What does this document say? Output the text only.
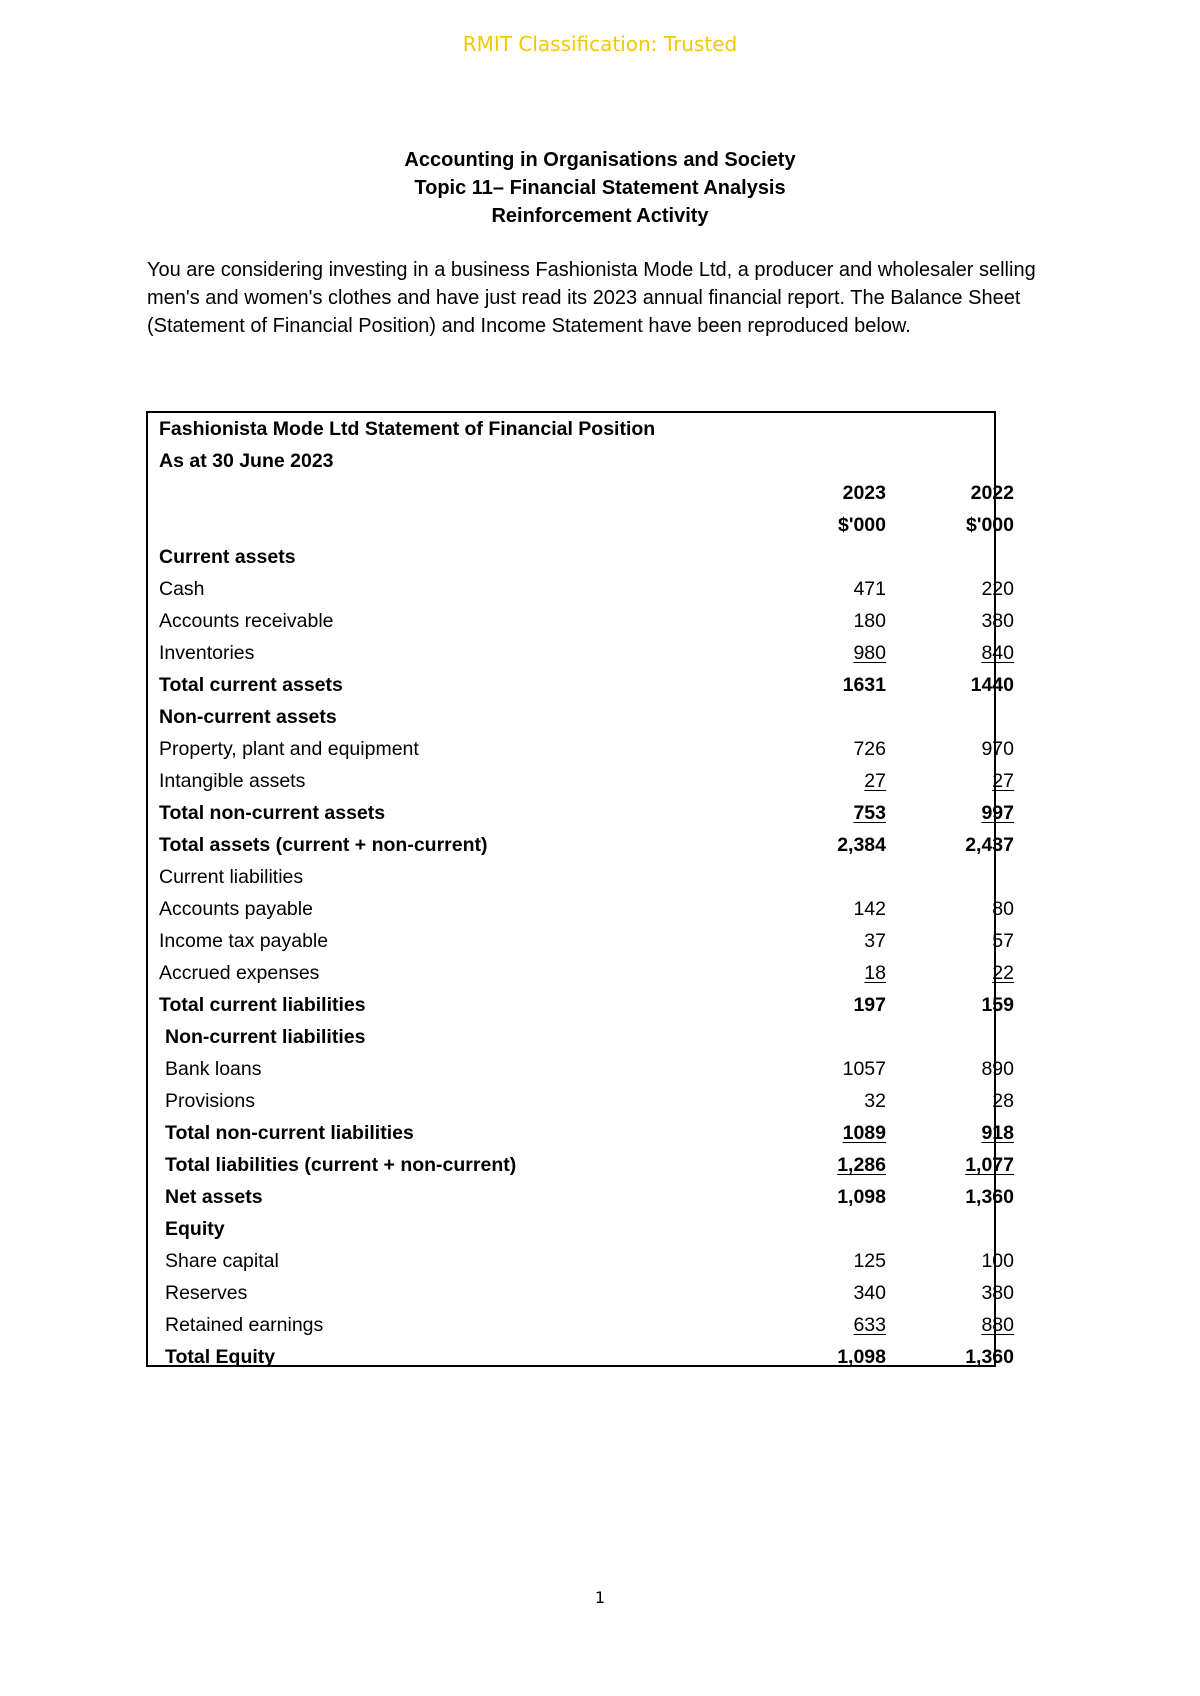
RMIT Classification: Trusted
Accounting in Organisations and Society
Topic 11– Financial Statement Analysis
Reinforcement Activity
You are considering investing in a business Fashionista Mode Ltd, a producer and wholesaler selling men's and women's clothes and have just read its 2023 annual financial report. The Balance Sheet (Statement of Financial Position) and Income Statement have been reproduced below.
Fashionista Mode Ltd Statement of Financial Position
As at 30 June 2023
2023	2022
$'000	$'000
Current assets
Cash	471	220
Accounts receivable	180	380
Inventories	980	840
Total current assets	1631	1440
Non-current assets
Property, plant and equipment	726	970
Intangible assets	27	27
Total non-current assets	753	997
Total assets (current + non-current)	2,384	2,437
Current liabilities
Accounts payable	142	80
Income tax payable	37	57
Accrued expenses	18	22
Total current liabilities	197	159
Non-current liabilities
Bank loans	1057	890
Provisions	32	28
Total non-current liabilities	1089	918
Total liabilities (current + non-current)	1,286	1,077
Net assets	1,098	1,360
Equity
Share capital	125	100
Reserves	340	380
Retained earnings	633	880
Total Equity	1,098	1,360
1
